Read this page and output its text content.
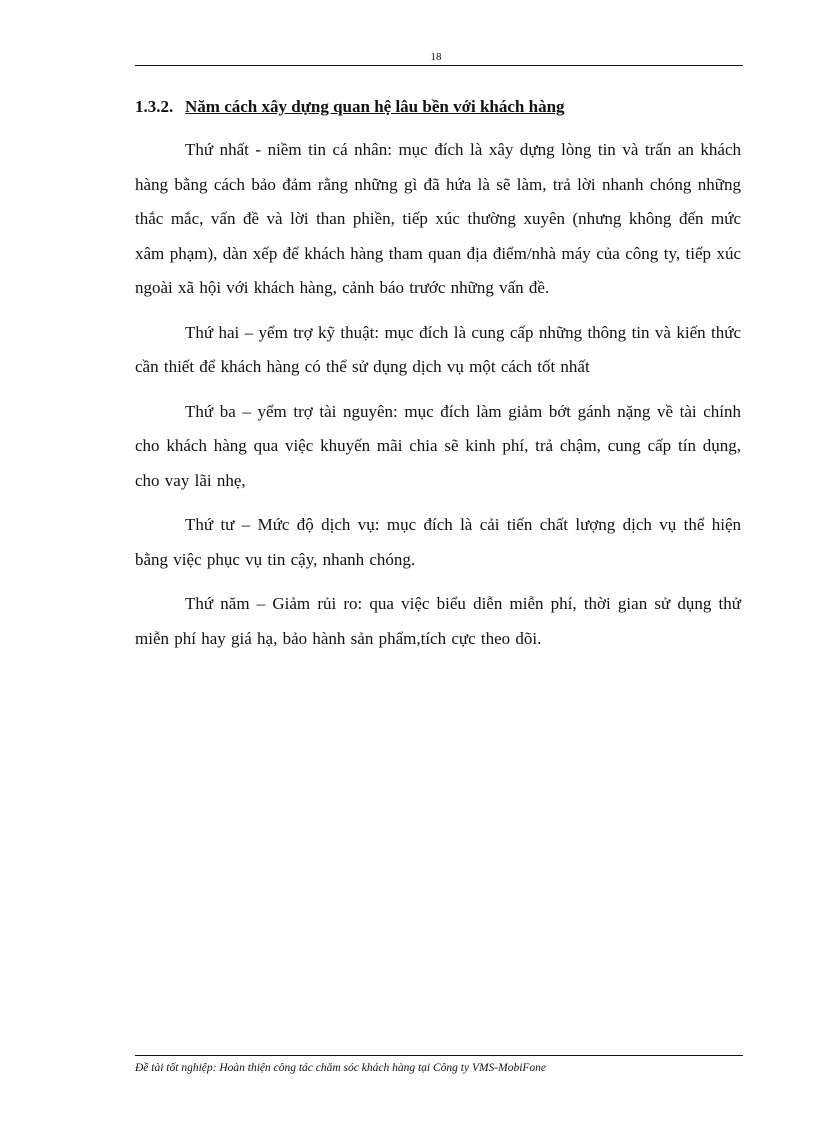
18
1.3.2. Năm cách xây dựng quan hệ lâu bền với khách hàng

Thứ nhất - niềm tin cá nhân: mục đích là xây dựng lòng tin và trấn an khách hàng bằng cách bảo đảm rằng những gì đã hứa là sẽ làm, trả lời nhanh chóng những thắc mắc, vấn đề và lời than phiền, tiếp xúc thường xuyên (nhưng không đến mức xâm phạm), dàn xếp để khách hàng tham quan địa điểm/nhà máy của công ty, tiếp xúc ngoài xã hội với khách hàng, cảnh báo trước những vấn đề.

Thứ hai – yểm trợ kỹ thuật: mục đích là cung cấp những thông tin và kiến thức cần thiết để khách hàng có thể sử dụng dịch vụ một cách tốt nhất

Thứ ba – yểm trợ tài nguyên: mục đích làm giảm bớt gánh nặng về tài chính cho khách hàng qua việc khuyến mãi chia sẽ kinh phí, trả chậm, cung cấp tín dụng, cho vay lãi nhẹ,

Thứ tư – Mức độ dịch vụ: mục đích là cải tiến chất lượng dịch vụ thể hiện bằng việc phục vụ tin cậy, nhanh chóng.

Thứ năm – Giảm rủi ro: qua việc biểu diễn miễn phí, thời gian sử dụng thử miễn phí hay giá hạ, bảo hành sản phẩm,tích cực theo dõi.

Đề tài tốt nghiệp: Hoàn thiện công tác chăm sóc khách hàng tại Công ty VMS-MobiFone
